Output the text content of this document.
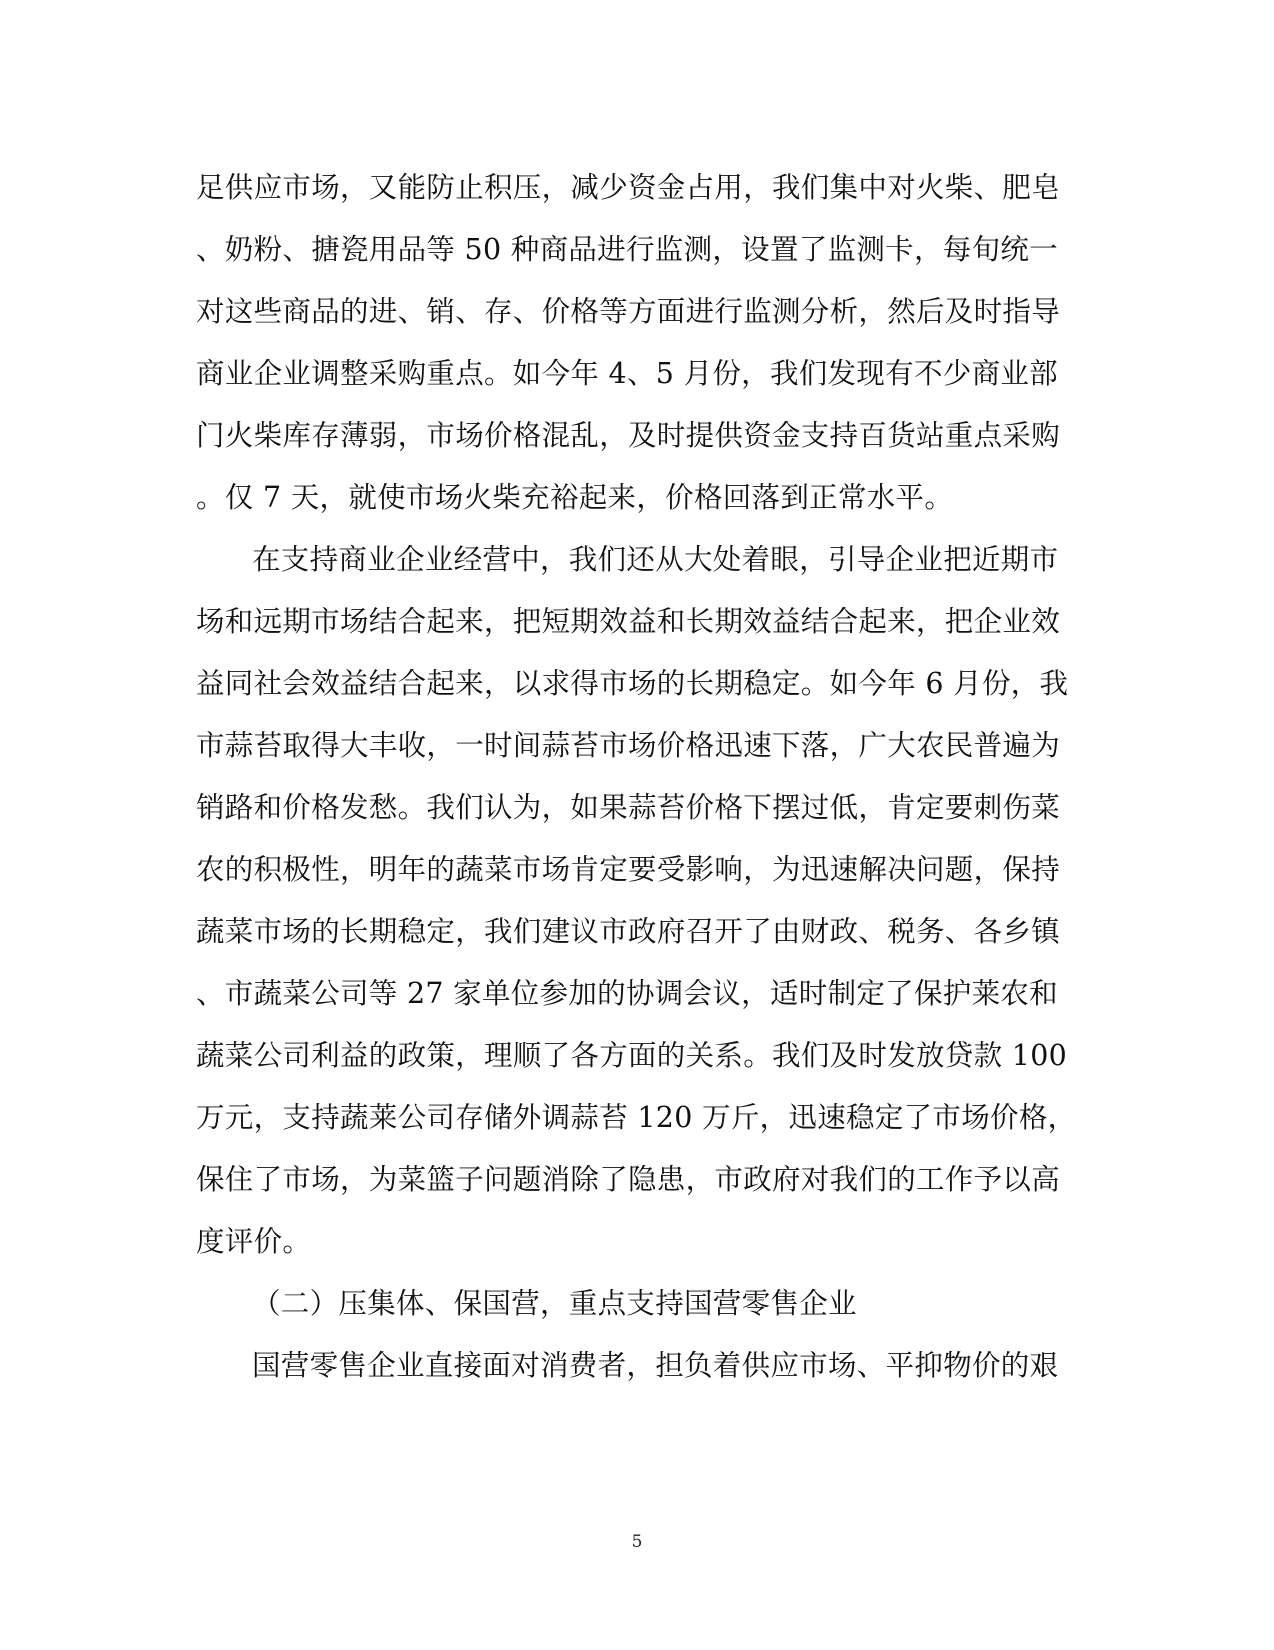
足供应市场，又能防止积压，减少资金占用，我们集中对火柴、肥皂
、奶粉、搪瓷用品等 50 种商品进行监测，设置了监测卡，每旬统一
对这些商品的进、销、存、价格等方面进行监测分析，然后及时指导
商业企业调整采购重点。如今年 4、5 月份，我们发现有不少商业部
门火柴库存薄弱，市场价格混乱，及时提供资金支持百货站重点采购
。仅 7 天，就使市场火柴充裕起来，价格回落到正常水平。
在支持商业企业经营中，我们还从大处着眼，引导企业把近期市
场和远期市场结合起来，把短期效益和长期效益结合起来，把企业效
益同社会效益结合起来，以求得市场的长期稳定。如今年 6 月份，我
市蒜苔取得大丰收，一时间蒜苔市场价格迅速下落，广大农民普遍为
销路和价格发愁。我们认为，如果蒜苔价格下摆过低，肯定要刺伤菜
农的积极性，明年的蔬菜市场肯定要受影响，为迅速解决问题，保持
蔬菜市场的长期稳定，我们建议市政府召开了由财政、税务、各乡镇
、市蔬菜公司等 27 家单位参加的协调会议，适时制定了保护莱农和
蔬菜公司利益的政策，理顺了各方面的关系。我们及时发放贷款 100
万元，支持蔬莱公司存储外调蒜苔 120 万斤，迅速稳定了市场价格，
保住了市场，为菜篮子问题消除了隐患，市政府对我们的工作予以高
度评价。
（二）压集体、保国营，重点支持国营零售企业
国营零售企业直接面对消费者，担负着供应市场、平抑物价的艰
5
